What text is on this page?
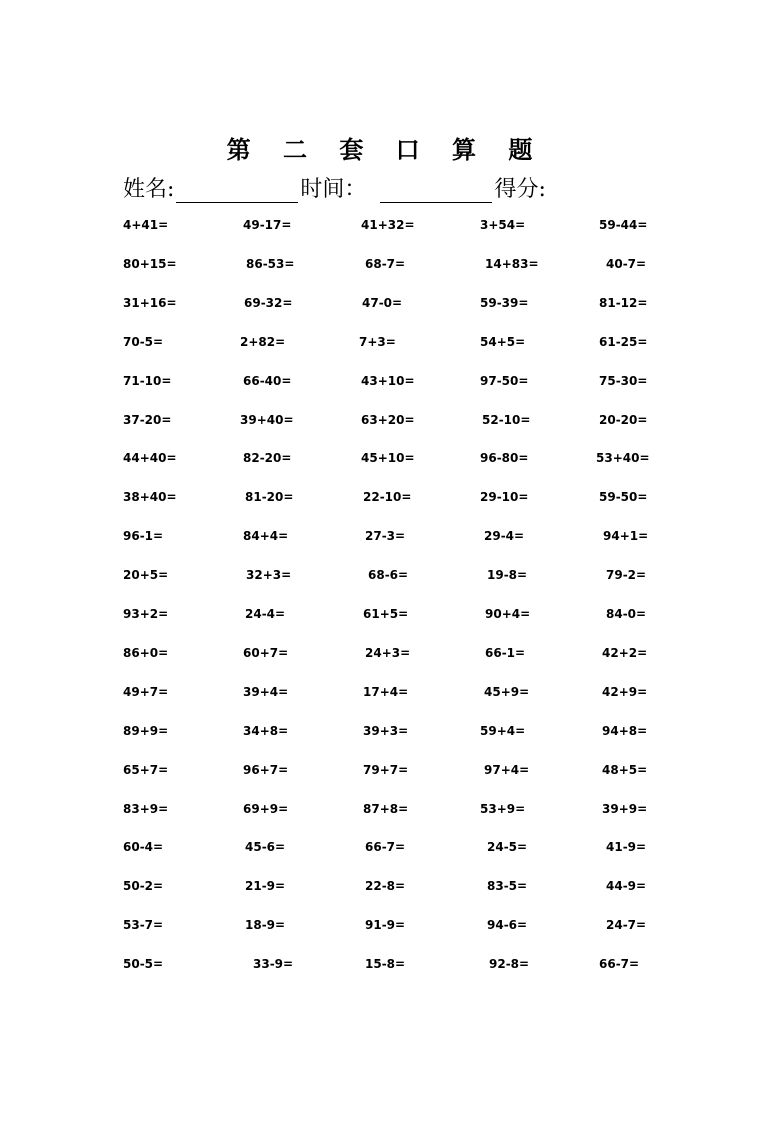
第 二 套 口 算 题
姓名:	时间：	得分:
4+41=	49-17=	41+32=	3+54=	59-44=
80+15=	86-53=	68-7=	14+83=	40-7=
31+16=	69-32=	47-0=	59-39=	81-12=
70-5=	2+82=	7+3=	54+5=	61-25=
71-10=	66-40=	43+10=	97-50=	75-30=
37-20=	39+40=	63+20=	52-10=	20-20=
44+40=	82-20=	45+10=	96-80=	53+40=
38+40=	81-20=	22-10=	29-10=	59-50=
96-1=	84+4=	27-3=	29-4=	94+1=
20+5=	32+3=	68-6=	19-8=	79-2=
93+2=	24-4=	61+5=	90+4=	84-0=
86+0=	60+7=	24+3=	66-1=	42+2=
49+7=	39+4=	17+4=	45+9=	42+9=
89+9=	34+8=	39+3=	59+4=	94+8=
65+7=	96+7=	79+7=	97+4=	48+5=
83+9=	69+9=	87+8=	53+9=	39+9=
60-4=	45-6=	66-7=	24-5=	41-9=
50-2=	21-9=	22-8=	83-5=	44-9=
53-7=	18-9=	91-9=	94-6=	24-7=
50-5=	33-9=	15-8=	92-8=	66-7=
